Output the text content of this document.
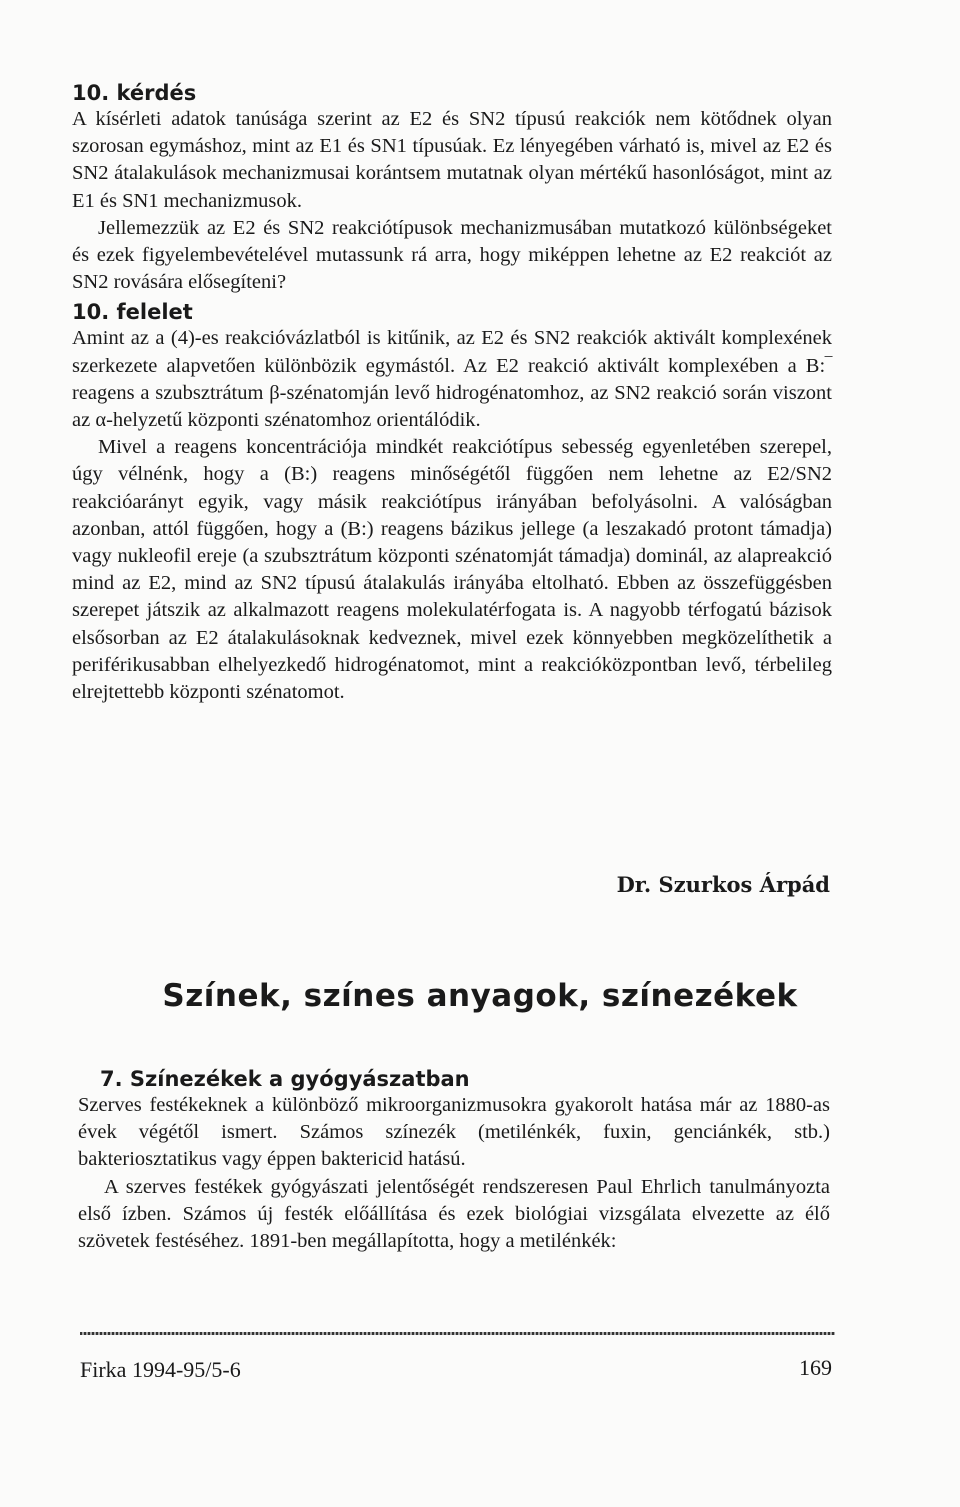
10. kérdés

A kísérleti adatok tanúsága szerint az E2 és SN2 típusú reakciók nem kötődnek olyan szorosan egymáshoz, mint az E1 és SN1 típusúak. Ez lényegében várható is, mivel az E2 és SN2 átalakulások mechanizmusai korántsem mutatnak olyan mértékű hasonlóságot, mint az E1 és SN1 mechanizmusok.

Jellemezzük az E2 és SN2 reakciótípusok mechanizmusában mutatkozó különbségeket és ezek figyelembevételével mutassunk rá arra, hogy miképpen lehetne az E2 reakciót az SN2 rovására elősegíteni?

10. felelet

Amint az a (4)-es reakcióvázlatból is kitűnik, az E2 és SN2 reakciók aktivált komplexének szerkezete alapvetően különbözik egymástól. Az E2 reakció aktivált komplexében a B:‾ reagens a szubsztrátum β-szénatomján levő hidrogénatomhoz, az SN2 reakció során viszont az α-helyzetű központi szénatomhoz orientálódik.

Mivel a reagens koncentrációja mindkét reakciótípus sebesség egyenletében szerepel, úgy vélnénk, hogy a (B:) reagens minőségétől függően nem lehetne az E2/SN2 reakcióarányt egyik, vagy másik reakciótípus irányában befolyásolni. A valóságban azonban, attól függően, hogy a (B:) reagens bázikus jellege (a leszakadó protont támadja) vagy nukleofil ereje (a szubsztrátum központi szénatomját támadja) dominál, az alapreakció mind az E2, mind az SN2 típusú átalakulás irányába eltolható. Ebben az összefüggésben szerepet játszik az alkalmazott reagens molekulatérfogata is. A nagyobb térfogatú bázisok elsősorban az E2 átalakulásoknak kedveznek, mivel ezek könnyebben megközelíthetik a periférikusabban elhelyezkedő hidrogénatomot, mint a reakcióközpontban levő, térbelileg elrejtettebb központi szénatomot.

Dr. Szurkos Árpád
Színek, színes anyagok, színezékek
7. Színezékek a gyógyászatban

Szerves festékeknek a különböző mikroorganizmusokra gyakorolt hatása már az 1880-as évek végétől ismert. Számos színezék (metilénkék, fuxin, genciánkék, stb.) bakteriosztatikus vagy éppen baktericid hatású.

A szerves festékek gyógyászati jelentőségét rendszeresen Paul Ehrlich tanulmányozta első ízben. Számos új festék előállítása és ezek biológiai vizsgálata elvezette az élő szövetek festéséhez. 1891-ben megállapította, hogy a metilénkék:

Firka 1994-95/5-6	169
